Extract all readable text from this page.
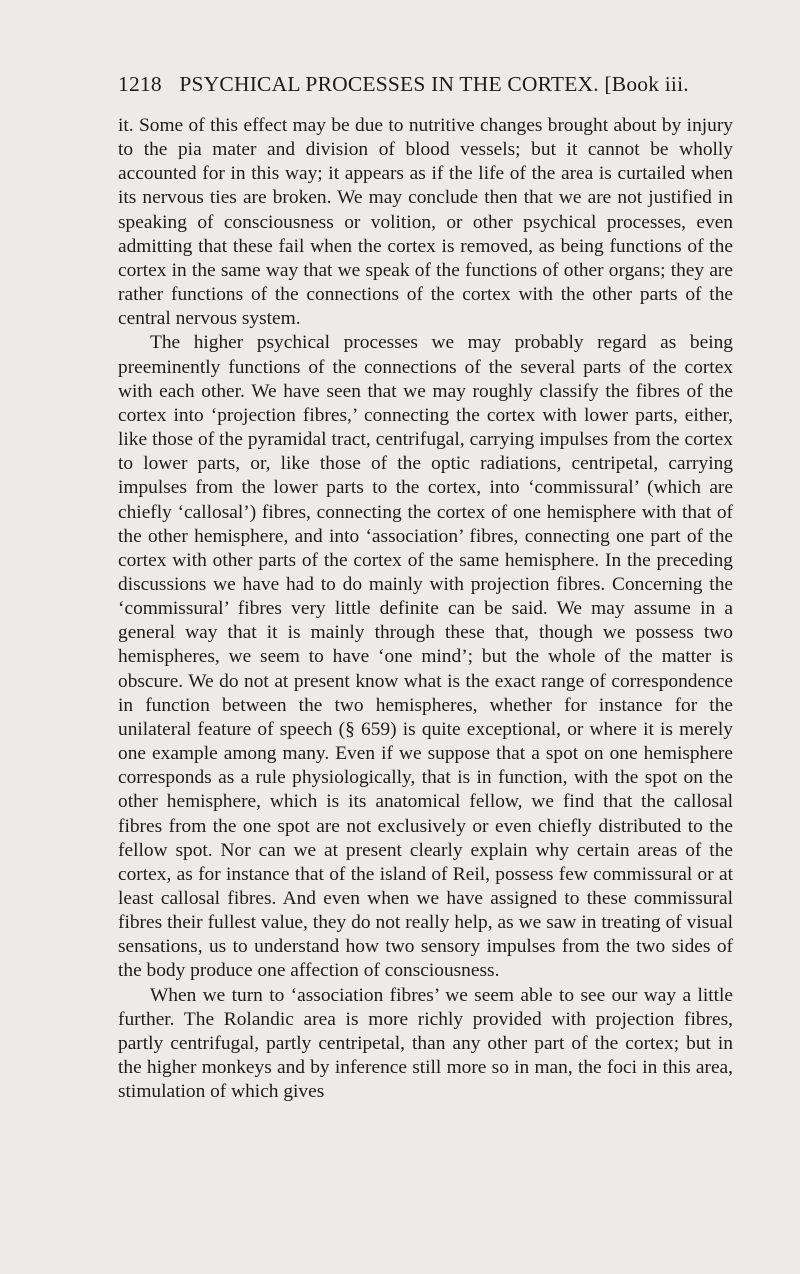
1218 PSYCHICAL PROCESSES IN THE CORTEX. [Book iii.

it. Some of this effect may be due to nutritive changes brought about by injury to the pia mater and division of blood vessels; but it cannot be wholly accounted for in this way; it appears as if the life of the area is curtailed when its nervous ties are broken. We may conclude then that we are not justified in speaking of consciousness or volition, or other psychical processes, even admitting that these fail when the cortex is removed, as being functions of the cortex in the same way that we speak of the functions of other organs; they are rather functions of the connections of the cortex with the other parts of the central nervous system.

The higher psychical processes we may probably regard as being preeminently functions of the connections of the several parts of the cortex with each other. We have seen that we may roughly classify the fibres of the cortex into ‘projection fibres,’ connecting the cortex with lower parts, either, like those of the pyramidal tract, centrifugal, carrying impulses from the cortex to lower parts, or, like those of the optic radiations, centripetal, carrying impulses from the lower parts to the cortex, into ‘commissural’ (which are chiefly ‘callosal’) fibres, connecting the cortex of one hemisphere with that of the other hemisphere, and into ‘association’ fibres, connecting one part of the cortex with other parts of the cortex of the same hemisphere. In the preceding discussions we have had to do mainly with projection fibres. Concerning the ‘commissural’ fibres very little definite can be said. We may assume in a general way that it is mainly through these that, though we possess two hemispheres, we seem to have ‘one mind’; but the whole of the matter is obscure. We do not at present know what is the exact range of correspondence in function between the two hemispheres, whether for instance for the unilateral feature of speech (§ 659) is quite exceptional, or where it is merely one example among many. Even if we suppose that a spot on one hemisphere corresponds as a rule physiologically, that is in function, with the spot on the other hemisphere, which is its anatomical fellow, we find that the callosal fibres from the one spot are not exclusively or even chiefly distributed to the fellow spot. Nor can we at present clearly explain why certain areas of the cortex, as for instance that of the island of Reil, possess few commissural or at least callosal fibres. And even when we have assigned to these commissural fibres their fullest value, they do not really help, as we saw in treating of visual sensations, us to understand how two sensory impulses from the two sides of the body produce one affection of consciousness.

When we turn to ‘association fibres’ we seem able to see our way a little further. The Rolandic area is more richly provided with projection fibres, partly centrifugal, partly centripetal, than any other part of the cortex; but in the higher monkeys and by inference still more so in man, the foci in this area, stimulation of which gives
